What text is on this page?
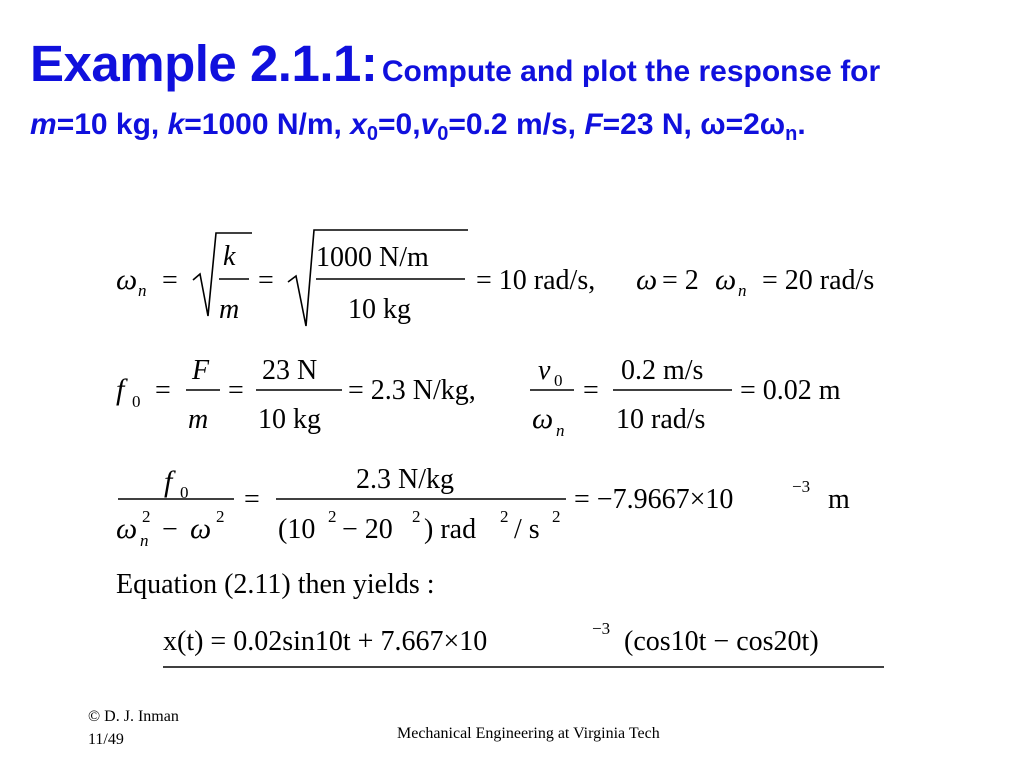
Example 2.1.1: Compute and plot the response for
m=10 kg, k=1000 N/m, $x_0=0,v_0=0.2$ m/s, F=23 N, $\omega=2\omega_n$.
ω n =
k
m
=
1000 N/m
10 kg
= 10 rad/s, ω = 2 ω n = 20 rad/s
f 0 =
F
m
=
23 N
10 kg
= 2.3 N/kg,
v 0
ω n
=
0.2 m/s
10 rad/s
= 0.02 m
f 0
ω 2
n − ω 2
=
2.3 N/kg
(10 2 − 20 2 ) rad 2 / s 2
= −7.9667×10	−3 m
Equation (2.11) then yields :
x(t) = 0.02sin10t + 7.667×10	−3 (cos10t − cos20t)
© D. J. Inman
11/49	Mechanical Engineering at Virginia Tech
